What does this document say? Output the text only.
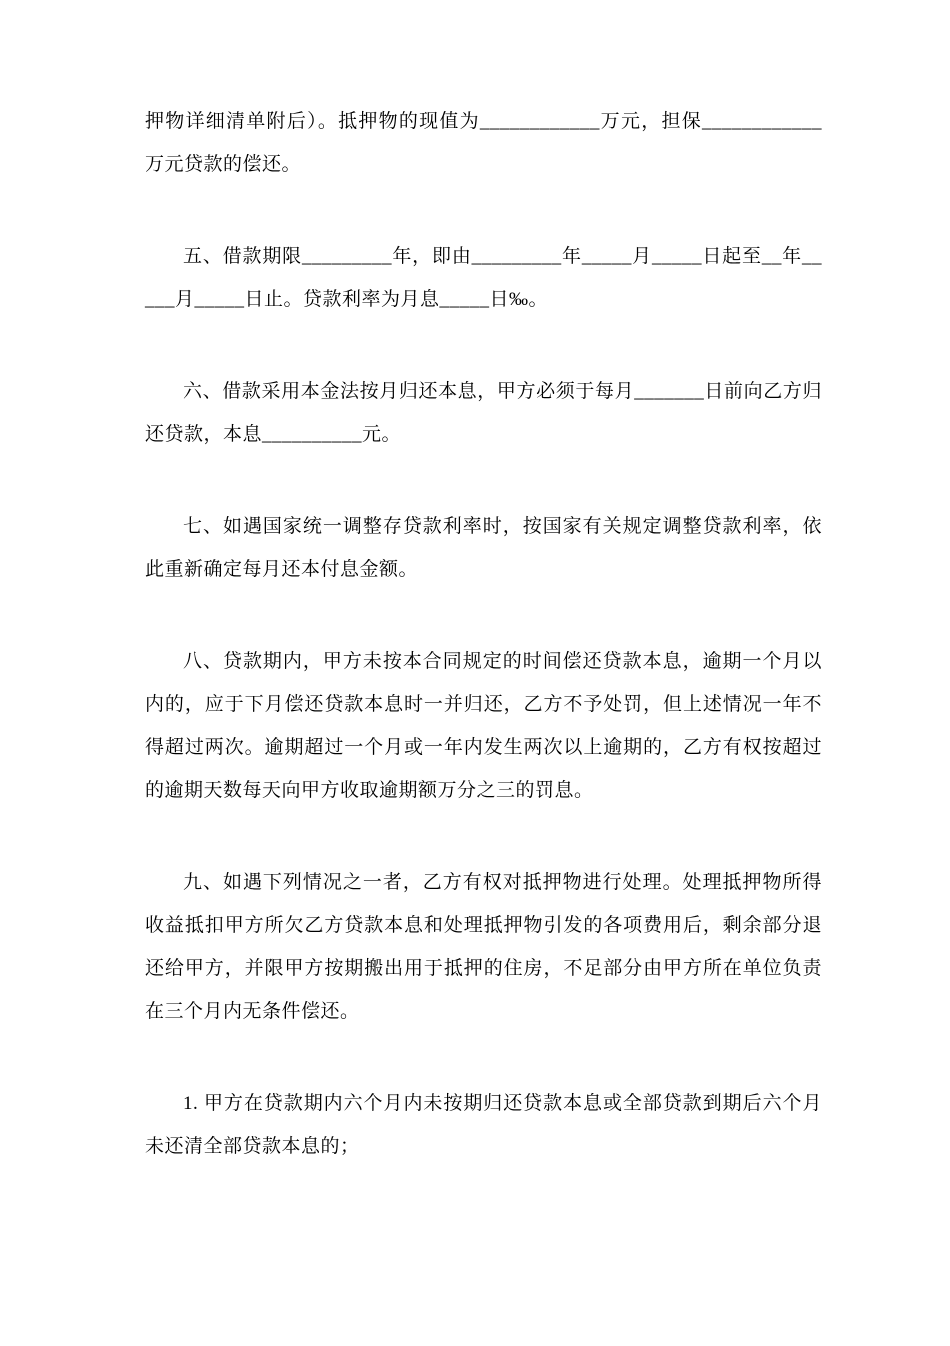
押物详细清单附后）。抵押物的现值为____________万元，担保____________万元贷款的偿还。

五、借款期限_________年，即由_________年_____月_____日起至__年_____月_____日止。贷款利率为月息_____日‰。

六、借款采用本金法按月归还本息，甲方必须于每月_______日前向乙方归还贷款，本息__________元。

七、如遇国家统一调整存贷款利率时，按国家有关规定调整贷款利率，依此重新确定每月还本付息金额。

八、贷款期内，甲方未按本合同规定的时间偿还贷款本息，逾期一个月以内的，应于下月偿还贷款本息时一并归还，乙方不予处罚，但上述情况一年不得超过两次。逾期超过一个月或一年内发生两次以上逾期的，乙方有权按超过的逾期天数每天向甲方收取逾期额万分之三的罚息。

九、如遇下列情况之一者，乙方有权对抵押物进行处理。处理抵押物所得收益抵扣甲方所欠乙方贷款本息和处理抵押物引发的各项费用后，剩余部分退还给甲方，并限甲方按期搬出用于抵押的住房，不足部分由甲方所在单位负责在三个月内无条件偿还。

1. 甲方在贷款期内六个月内未按期归还贷款本息或全部贷款到期后六个月未还清全部贷款本息的；
